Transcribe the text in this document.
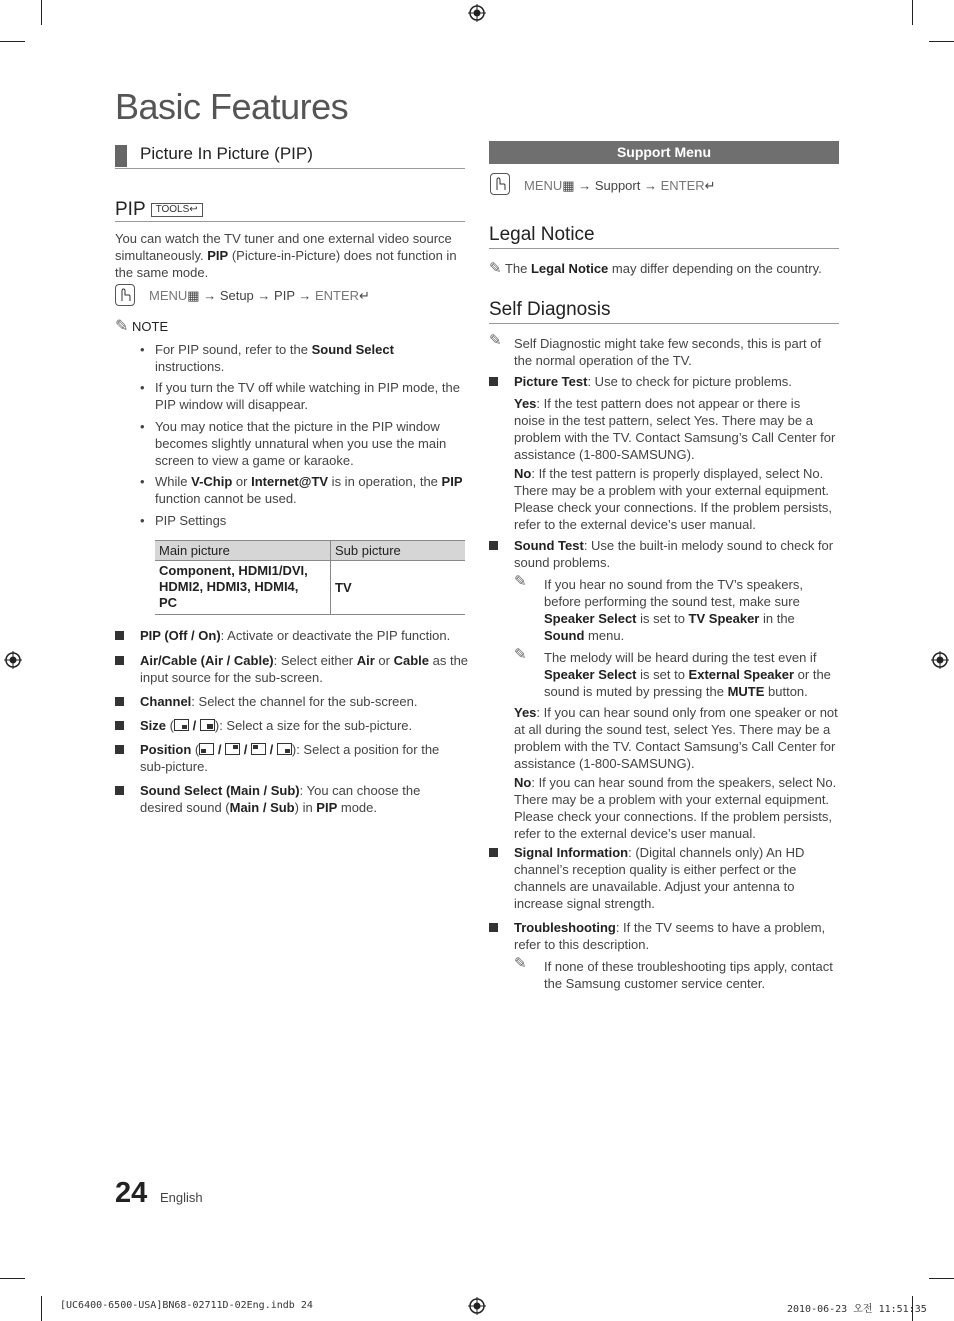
Basic Features
Picture In Picture (PIP)
PIP TOOLS↩
You can watch the TV tuner and one external video source
simultaneously. PIP (Picture-in-Picture) does not function in
the same mode.
MENU▦ → Setup → PIP → ENTER↵
✎ NOTE
• For PIP sound, refer to the Sound Select
instructions.
• If you turn the TV off while watching in PIP mode, the
PIP window will disappear.
• You may notice that the picture in the PIP window
becomes slightly unnatural when you use the main
screen to view a game or karaoke.
• While V-Chip or Internet@TV is in operation, the PIP
function cannot be used.
• PIP Settings
Main picture	Sub picture
Component, HDMI1/DVI,
HDMI2, HDMI3, HDMI4,
PC	TV
PIP (Off / On): Activate or deactivate the PIP function.
Air/Cable (Air / Cable): Select either Air or Cable as the
input source for the sub-screen.
Channel: Select the channel for the sub-screen.
Size ( / ): Select a size for the sub-picture.
Position ( / / / ): Select a position for the
sub-picture.
Sound Select (Main / Sub): You can choose the
desired sound (Main / Sub) in PIP mode.
Support Menu
MENU▦ → Support → ENTER↵
Legal Notice
✎ The Legal Notice may differ depending on the country.
Self Diagnosis
✎ Self Diagnostic might take few seconds, this is part of
the normal operation of the TV.
Picture Test: Use to check for picture problems.
Yes: If the test pattern does not appear or there is
noise in the test pattern, select Yes. There may be a
problem with the TV. Contact Samsung’s Call Center for
assistance (1-800-SAMSUNG).
No: If the test pattern is properly displayed, select No.
There may be a problem with your external equipment.
Please check your connections. If the problem persists,
refer to the external device’s user manual.
Sound Test: Use the built-in melody sound to check for
sound problems.
✎ If you hear no sound from the TV’s speakers,
before performing the sound test, make sure
Speaker Select is set to TV Speaker in the
Sound menu.
✎ The melody will be heard during the test even if
Speaker Select is set to External Speaker or the
sound is muted by pressing the MUTE button.
Yes: If you can hear sound only from one speaker or not
at all during the sound test, select Yes. There may be a
problem with the TV. Contact Samsung’s Call Center for
assistance (1-800-SAMSUNG).
No: If you can hear sound from the speakers, select No.
There may be a problem with your external equipment.
Please check your connections. If the problem persists,
refer to the external device’s user manual.
Signal Information: (Digital channels only) An HD
channel’s reception quality is either perfect or the
channels are unavailable. Adjust your antenna to
increase signal strength.
Troubleshooting: If the TV seems to have a problem,
refer to this description.
✎ If none of these troubleshooting tips apply, contact
the Samsung customer service center.
24 English
[UC6400-6500-USA]BN68-02711D-02Eng.indb 24	2010-06-23 오전 11:51:35
